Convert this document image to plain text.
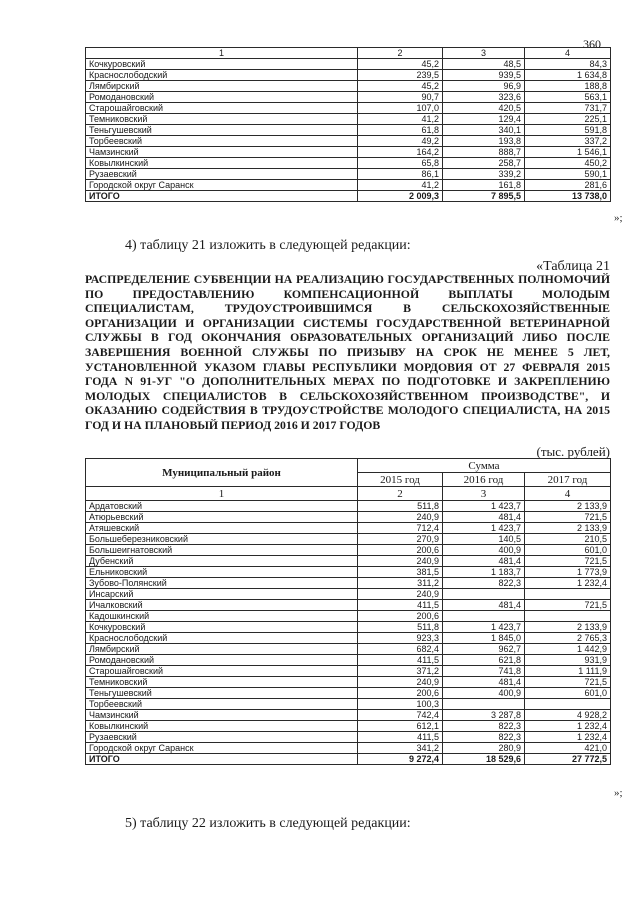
360
1	2	3	4
Кочкуровский	45,2	48,5	84,3
Краснослободский	239,5	939,5	1 634,8
Лямбирский	45,2	96,9	188,8
Ромодановский	90,7	323,6	563,1
Старошайговский	107,0	420,5	731,7
Темниковский	41,2	129,4	225,1
Теньгушевский	61,8	340,1	591,8
Торбеевский	49,2	193,8	337,2
Чамзинский	164,2	888,7	1 546,1
Ковылкинский	65,8	258,7	450,2
Рузаевский	86,1	339,2	590,1
Городской округ Саранск	41,2	161,8	281,6
ИТОГО	2 009,3	7 895,5	13 738,0
»;
4) таблицу 21 изложить в следующей редакции:
«Таблица 21
РАСПРЕДЕЛЕНИЕ СУБВЕНЦИИ НА РЕАЛИЗАЦИЮ ГОСУДАРСТВЕННЫХ ПОЛНОМОЧИЙ ПО ПРЕДОСТАВЛЕНИЮ КОМПЕНСАЦИОННОЙ ВЫПЛАТЫ МОЛОДЫМ СПЕЦИАЛИСТАМ, ТРУДОУСТРОИВШИМСЯ В СЕЛЬСКОХОЗЯЙСТВЕННЫЕ ОРГАНИЗАЦИИ И ОРГАНИЗАЦИИ СИСТЕМЫ ГОСУДАРСТВЕННОЙ ВЕТЕРИНАРНОЙ СЛУЖБЫ В ГОД ОКОНЧАНИЯ ОБРАЗОВАТЕЛЬНЫХ ОРГАНИЗАЦИЙ ЛИБО ПОСЛЕ ЗАВЕРШЕНИЯ ВОЕННОЙ СЛУЖБЫ ПО ПРИЗЫВУ НА СРОК НЕ МЕНЕЕ 5 ЛЕТ, УСТАНОВЛЕННОЙ УКАЗОМ ГЛАВЫ РЕСПУБЛИКИ МОРДОВИЯ ОТ 27 ФЕВРАЛЯ 2015 ГОДА N 91-УГ "О ДОПОЛНИТЕЛЬНЫХ МЕРАХ ПО ПОДГОТОВКЕ И ЗАКРЕПЛЕНИЮ МОЛОДЫХ СПЕЦИАЛИСТОВ В СЕЛЬСКОХОЗЯЙСТВЕННОМ ПРОИЗВОДСТВЕ", И ОКАЗАНИЮ СОДЕЙСТВИЯ В ТРУДОУСТРОЙСТВЕ МОЛОДОГО СПЕЦИАЛИСТА, НА 2015 ГОД И НА ПЛАНОВЫЙ ПЕРИОД 2016 И 2017 ГОДОВ
(тыс. рублей)
Муниципальный район	Сумма		
	2015 год	2016 год	2017 год
1	2	3	4
Ардатовский	511,8	1 423,7	2 133,9
Атюрьевский	240,9	481,4	721,5
Атяшевский	712,4	1 423,7	2 133,9
Большеберезниковский	270,9	140,5	210,5
Большеигнатовский	200,6	400,9	601,0
Дубенский	240,9	481,4	721,5
Ельниковский	381,5	1 183,7	1 773,9
Зубово-Полянский	311,2	822,3	1 232,4
Инсарский	240,9		
Ичалковский	411,5	481,4	721,5
Кадошкинский	200,6		
Кочкуровский	511,8	1 423,7	2 133,9
Краснослободский	923,3	1 845,0	2 765,3
Лямбирский	682,4	962,7	1 442,9
Ромодановский	411,5	621,8	931,9
Старошайговский	371,2	741,8	1 111,9
Темниковский	240,9	481,4	721,5
Теньгушевский	200,6	400,9	601,0
Торбеевский	100,3		
Чамзинский	742,4	3 287,8	4 928,2
Ковылкинский	612,1	822,3	1 232,4
Рузаевский	411,5	822,3	1 232,4
Городской округ Саранск	341,2	280,9	421,0
ИТОГО	9 272,4	18 529,6	27 772,5
»;
5) таблицу 22 изложить в следующей редакции:
